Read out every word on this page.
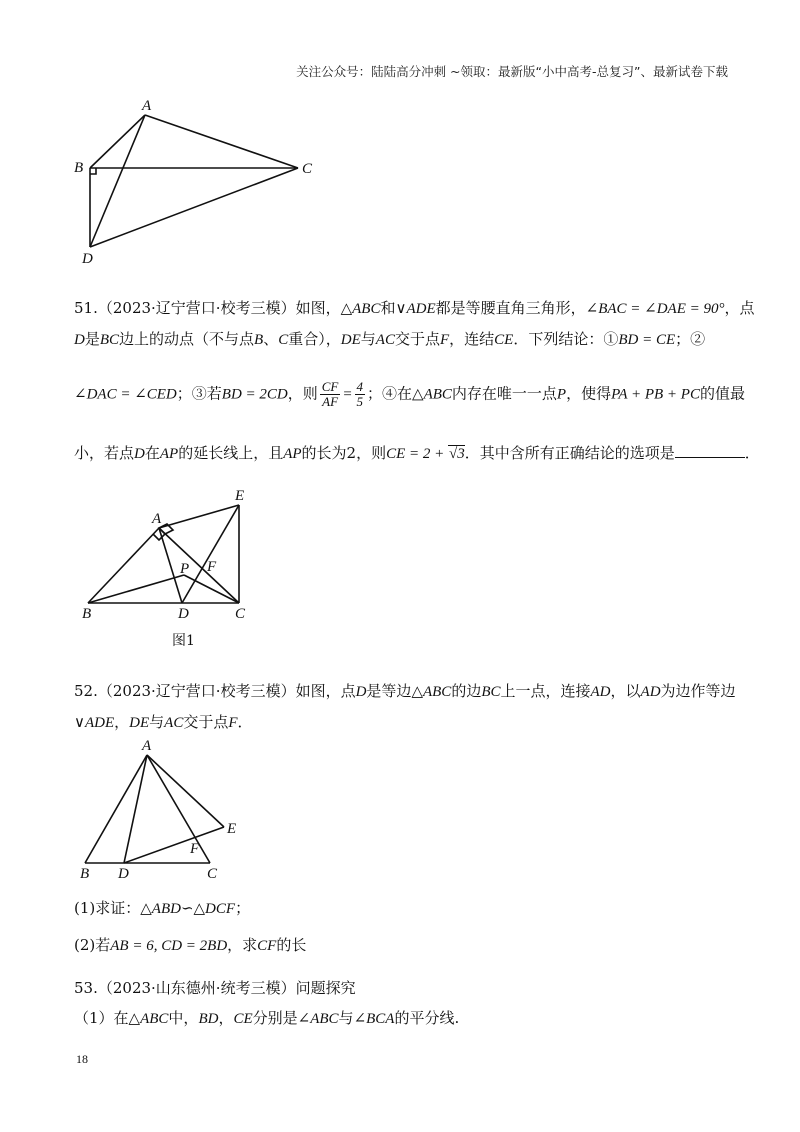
关注公众号：陆陆高分冲刺 ~领取：最新版“小中高考-总复习”、最新试卷下载
A
B	C
D
51.（2023·辽宁营口·校考三模）如图，△ABC和∨ADE都是等腰直角三角形，∠BAC = ∠DAE = 90°，点
D是BC边上的动点（不与点B、C重合），DE与AC交于点F，连结CE．下列结论：①BD = CE；②
∠DAC = ∠CED；③若BD = 2CD，则 $\frac{CF}{AF} = \frac{4}{5}$ ；④在△ABC内存在唯一一点P，使得PA + PB + PC的值最
小，若点D在AP的延长线上，且AP的长为2，则CE = 2 + √3．其中含所有正确结论的选项是	．
A
B	C
D
E
F
P
图1
52.（2023·辽宁营口·校考三模）如图，点D是等边△ABC的边BC上一点，连接AD，以AD为边作等边
∨ADE，DE与AC交于点F．
A
B	C
D
E
F
(1)求证：△ABD∽△DCF；
(2)若AB = 6, CD = 2BD，求CF的长
53.（2023·山东德州·统考三模）问题探究
（1）在△ABC中，BD，CE分别是∠ABC与∠BCA的平分线.
18
